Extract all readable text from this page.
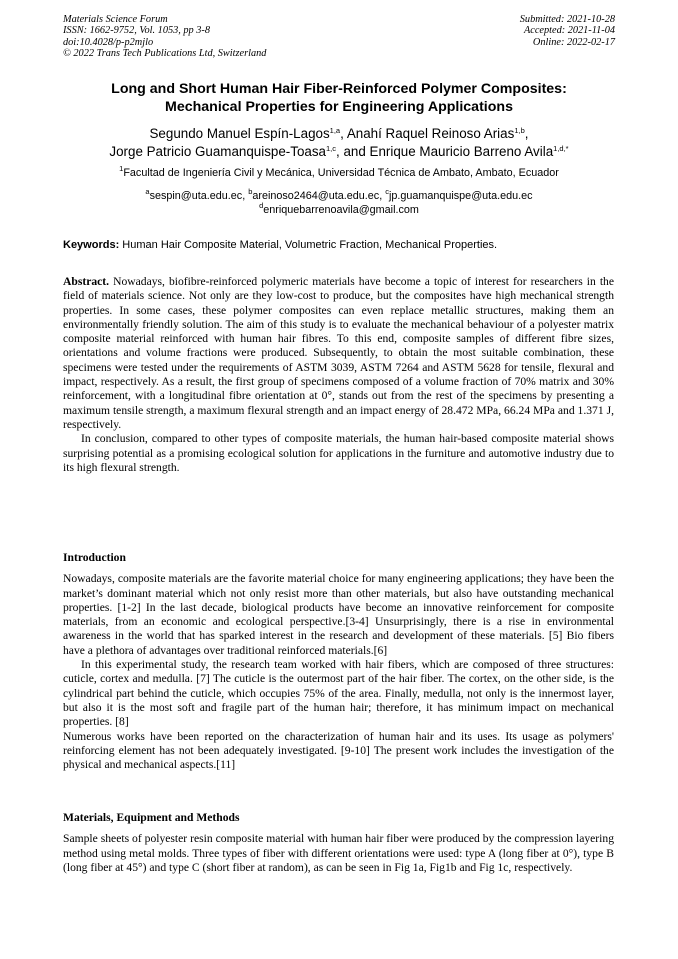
Materials Science Forum
ISSN: 1662-9752, Vol. 1053, pp 3-8
doi:10.4028/p-p2mjlo
© 2022 Trans Tech Publications Ltd, Switzerland
Submitted: 2021-10-28
Accepted: 2021-11-04
Online: 2022-02-17
Long and Short Human Hair Fiber-Reinforced Polymer Composites:
Mechanical Properties for Engineering Applications
Segundo Manuel Espín-Lagos$^{1,a}$, Anahí Raquel Reinoso Arias$^{1,b}$,
Jorge Patricio Guamanquispe-Toasa$^{1,c}$, and Enrique Mauricio Barreno Avila$^{1,d,*}$
$^1$Facultad de Ingeniería Civil y Mecánica, Universidad Técnica de Ambato, Ambato, Ecuador
$^a$sespin@uta.edu.ec, $^b$areinoso2464@uta.edu.ec, $^c$jp.guamanquispe@uta.edu.ec
$^d$enriquebarrenoavila@gmail.com
Keywords: Human Hair Composite Material, Volumetric Fraction, Mechanical Properties.

Abstract. Nowadays, biofibre-reinforced polymeric materials have become a topic of interest for researchers in the field of materials science. Not only are they low-cost to produce, but the composites have high mechanical strength properties. In some cases, these polymer composites can even replace metallic structures, making them an environmentally friendly solution. The aim of this study is to evaluate the mechanical behaviour of a polyester matrix composite material reinforced with human hair fibres. To this end, composite samples of different fibre sizes, orientations and volume fractions were produced. Subsequently, to obtain the most suitable combination, these specimens were tested under the requirements of ASTM 3039, ASTM 7264 and ASTM 5628 for tensile, flexural and impact, respectively. As a result, the first group of specimens composed of a volume fraction of 70% matrix and 30% reinforcement, with a longitudinal fibre orientation at 0°, stands out from the rest of the specimens by presenting a maximum tensile strength, a maximum flexural strength and an impact energy of 28.472 MPa, 66.24 MPa and 1.371 J, respectively.

In conclusion, compared to other types of composite materials, the human hair-based composite material shows surprising potential as a promising ecological solution for applications in the furniture and automotive industry due to its high flexural strength.

Introduction

Nowadays, composite materials are the favorite material choice for many engineering applications; they have been the market’s dominant material which not only resist more than other materials, but also have outstanding mechanical properties. [1-2] In the last decade, biological products have become an innovative reinforcement for composite materials, from an economic and ecological perspective.[3-4] Unsurprisingly, there is a rise in environmental awareness in the world that has sparked interest in the research and development of these materials. [5] Bio fibers have a plethora of advantages over traditional reinforced materials.[6]

In this experimental study, the research team worked with hair fibers, which are composed of three structures: cuticle, cortex and medulla. [7] The cuticle is the outermost part of the hair fiber. The cortex, on the other side, is the cylindrical part behind the cuticle, which occupies 75% of the area. Finally, medulla, not only is the innermost layer, but also it is the most soft and fragile part of the human hair; therefore, it has minimum impact on mechanical properties. [8]

Numerous works have been reported on the characterization of human hair and its uses. Its usage as polymers' reinforcing element has not been adequately investigated. [9-10] The present work includes the investigation of the physical and mechanical aspects.[11]

Materials, Equipment and Methods

Sample sheets of polyester resin composite material with human hair fiber were produced by the compression layering method using metal molds. Three types of fiber with different orientations were used: type A (long fiber at 0°), type B (long fiber at 45°) and type C (short fiber at random), as can be seen in Fig 1a, Fig1b and Fig 1c, respectively.
